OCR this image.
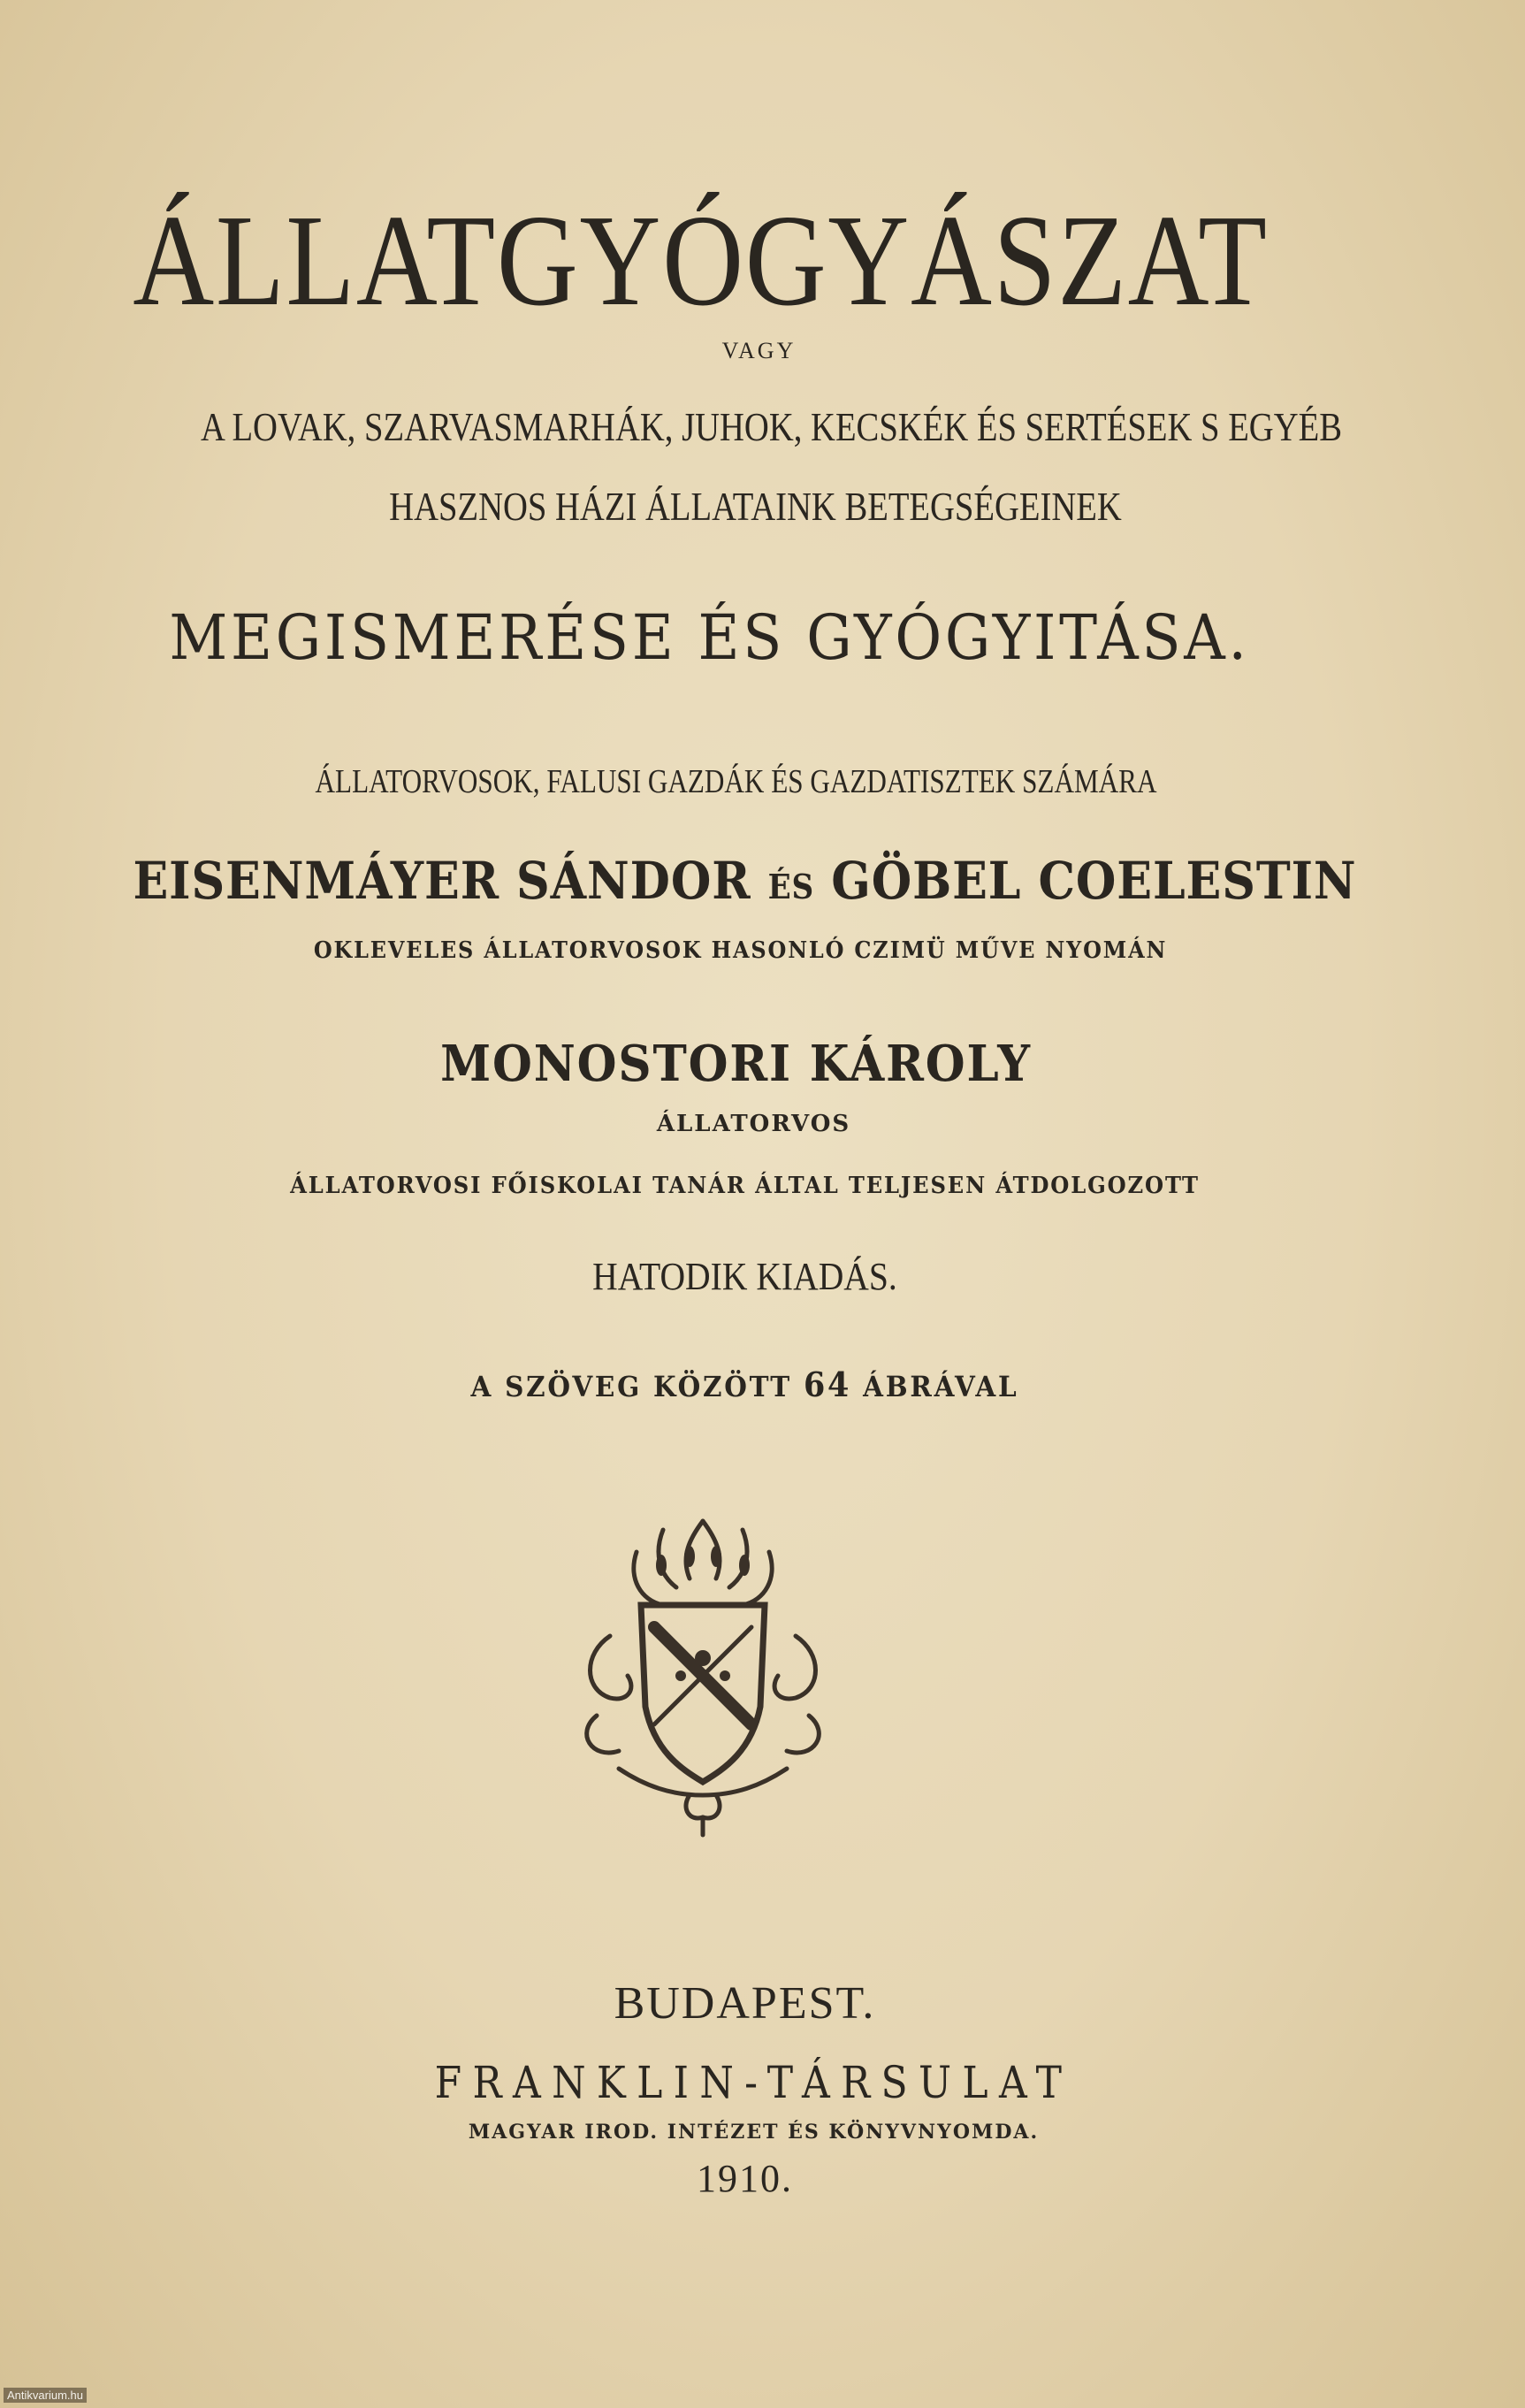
ÁLLATGYÓGYÁSZAT
VAGY
A LOVAK, SZARVASMARHÁK, JUHOK, KECSKÉK ÉS SERTÉSEK S EGYÉB
HASZNOS HÁZI ÁLLATAINK BETEGSÉGEINEK
MEGISMERÉSE ÉS GYÓGYITÁSA.
ÁLLATORVOSOK, FALUSI GAZDÁK ÉS GAZDATISZTEK SZÁMÁRA
EISENMÁYER SÁNDOR ÉS GÖBEL COELESTIN
OKLEVELES ÁLLATORVOSOK HASONLÓ CZIMÜ MŰVE NYOMÁN
MONOSTORI KÁROLY
ÁLLATORVOS
ÁLLATORVOSI FŐISKOLAI TANÁR ÁLTAL TELJESEN ÁTDOLGOZOTT
HATODIK KIADÁS.
A SZÖVEG KÖZÖTT 64 ÁBRÁVAL
BUDAPEST.
FRANKLIN-TÁRSULAT
MAGYAR IROD. INTÉZET ÉS KÖNYVNYOMDA.
1910.
Antikvarium.hu
